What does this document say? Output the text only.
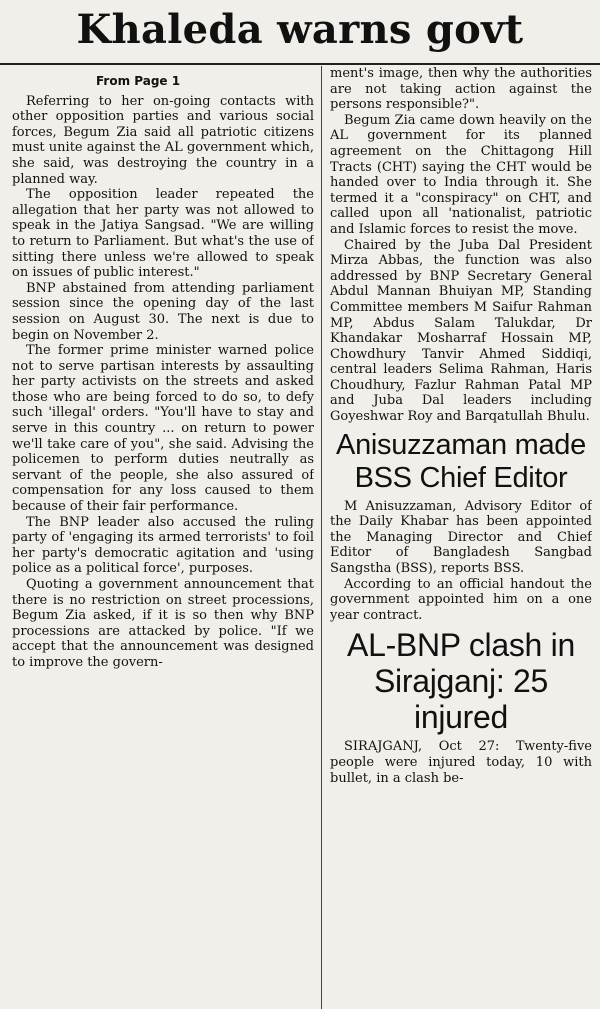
Khaleda warns govt
From Page 1

Referring to her on-going contacts with other opposition parties and various social forces, Begum Zia said all patriotic citizens must unite against the AL government which, she said, was destroying the country in a planned way.

The opposition leader repeated the allegation that her party was not allowed to speak in the Jatiya Sangsad. "We are willing to return to Parliament. But what's the use of sitting there unless we're allowed to speak on issues of public interest."

BNP abstained from attending parliament session since the opening day of the last session on August 30. The next is due to begin on November 2.

The former prime minister warned police not to serve partisan interests by assaulting her party activists on the streets and asked those who are being forced to do so, to defy such 'illegal' orders. "You'll have to stay and serve in this country ... on return to power we'll take care of you", she said. Advising the policemen to perform duties neutrally as servant of the people, she also assured of compensation for any loss caused to them because of their fair performance.

The BNP leader also accused the ruling party of 'engaging its armed terrorists' to foil her party's democratic agitation and 'using police as a political force', purposes.

Quoting a government announcement that there is no restriction on street processions, Begum Zia asked, if it is so then why BNP processions are attacked by police. "If we accept that the announcement was designed to improve the govern-

ment's image, then why the authorities are not taking action against the persons responsible?".

Begum Zia came down heavily on the AL government for its planned agreement on the Chittagong Hill Tracts (CHT) saying the CHT would be handed over to India through it. She termed it a "conspiracy" on CHT, and called upon all 'nationalist, patriotic and Islamic forces to resist the move.

Chaired by the Juba Dal President Mirza Abbas, the function was also addressed by BNP Secretary General Abdul Mannan Bhuiyan MP, Standing Committee members M Saifur Rahman MP, Abdus Salam Talukdar, Dr Khandakar Mosharraf Hossain MP, Chowdhury Tanvir Ahmed Siddiqi, central leaders Selima Rahman, Haris Choudhury, Fazlur Rahman Patal MP and Juba Dal leaders including Goyeshwar Roy and Barqatullah Bhulu.

Anisuzzaman made BSS Chief Editor

M Anisuzzaman, Advisory Editor of the Daily Khabar has been appointed the Managing Director and Chief Editor of Bangladesh Sangbad Sangstha (BSS), reports BSS.

According to an official handout the government appointed him on a one year contract.

AL-BNP clash in Sirajganj: 25 injured

SIRAJGANJ, Oct 27: Twenty-five people were injured today, 10 with bullet, in a clash be-
